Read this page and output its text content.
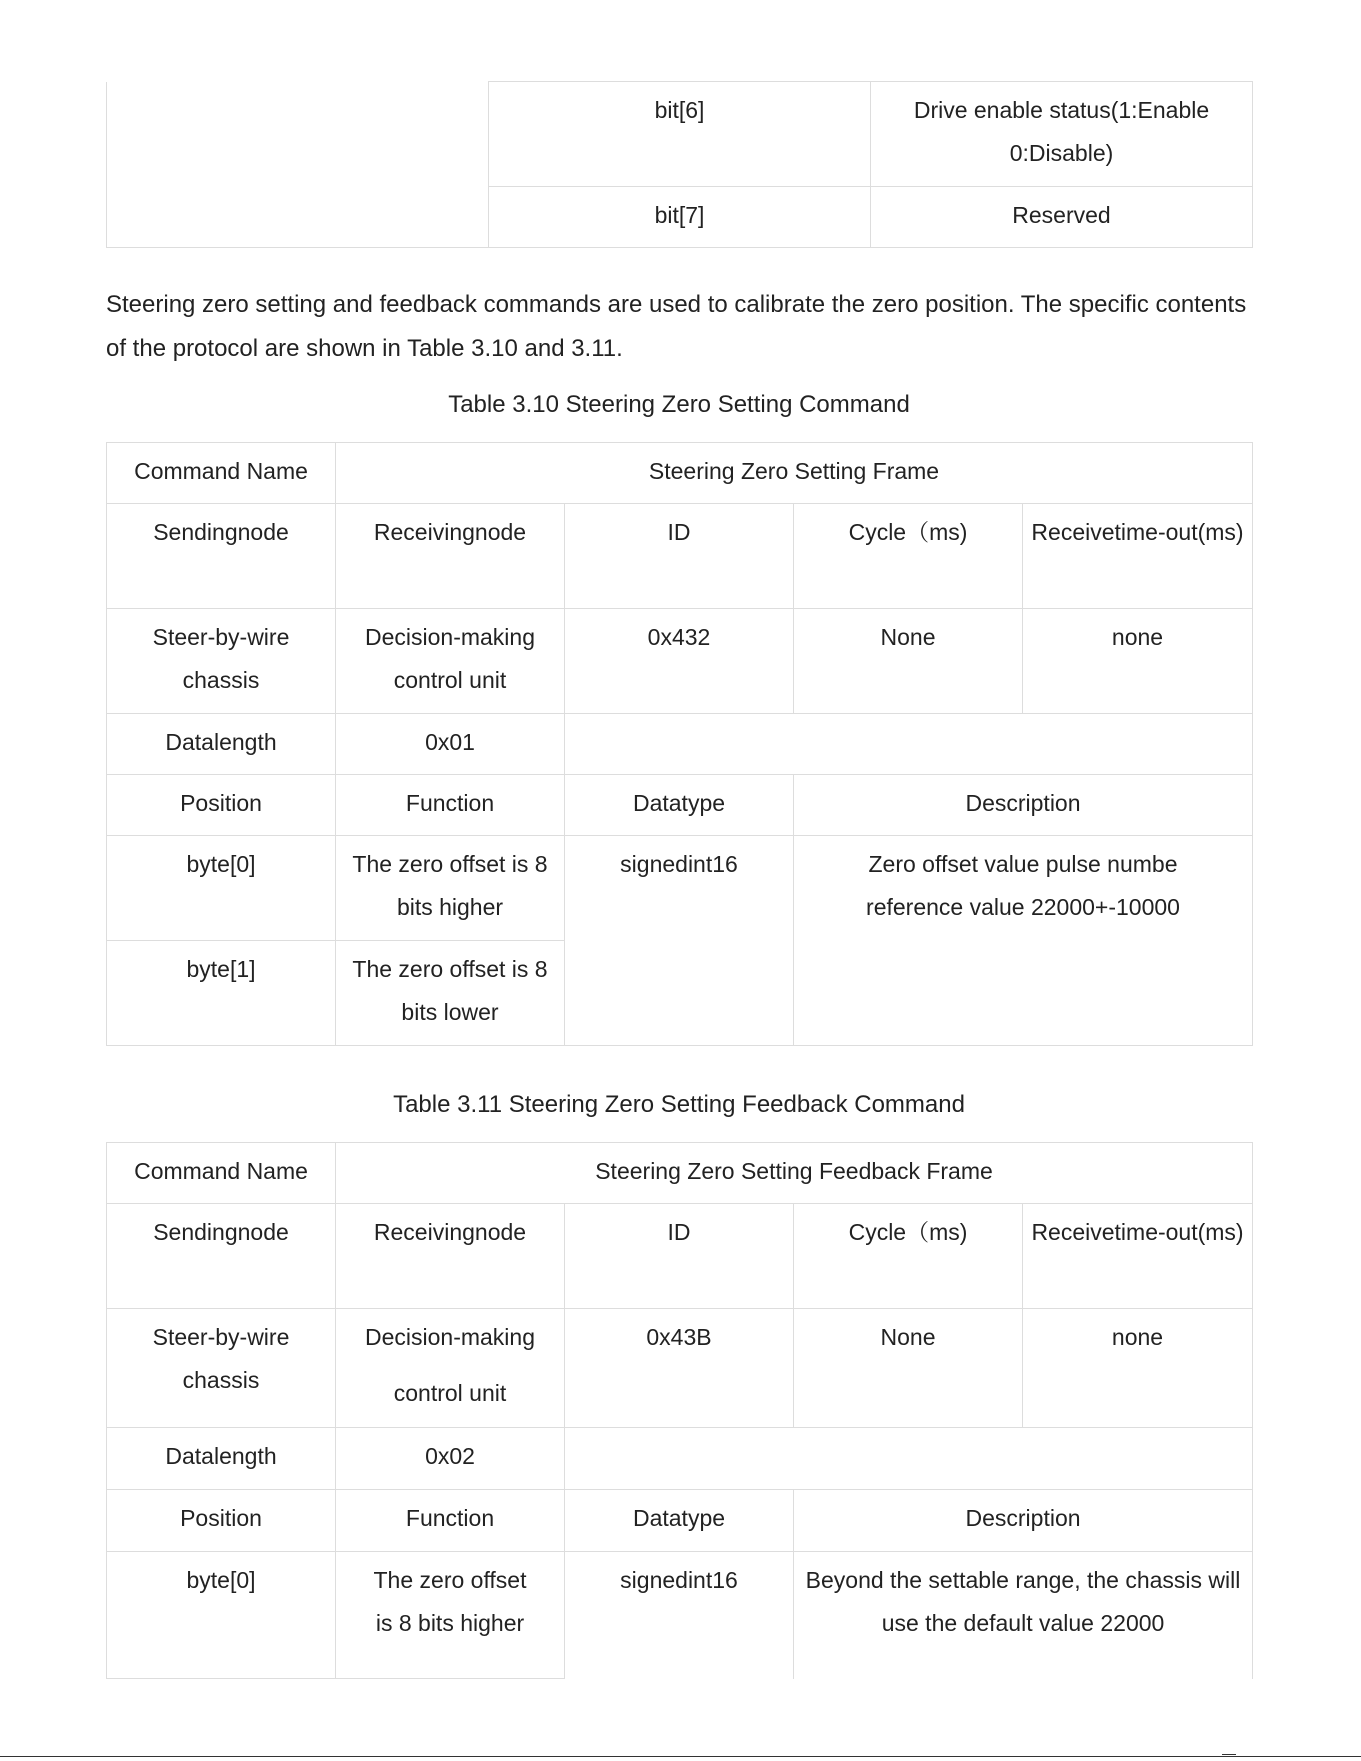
	bit[6]	Drive enable status(1:Enable 0:Disable)
	bit[7]	Reserved

Steering zero setting and feedback commands are used to calibrate the zero position. The specific contents of the protocol are shown in Table 3.10 and 3.11.

Table 3.10 Steering Zero Setting Command

Command Name	Steering Zero Setting Frame			
Sendingnode	Receivingnode	ID	Cycle（ms)	Receivetime-out(ms)
Steer-by-wire chassis	Decision-making control unit	0x432	None	none
Datalength	0x01			
Position	Function	Datatype	Description	
byte[0]	The zero offset is 8 bits higher	signedint16	Zero offset value pulse numbe reference value 22000+-10000	
byte[1]	The zero offset is 8 bits lower			

Table 3.11 Steering Zero Setting Feedback Command

Command Name	Steering Zero Setting Feedback Frame			
Sendingnode	Receivingnode	ID	Cycle（ms)	Receivetime-out(ms)
Steer-by-wire chassis	Decision-making control unit	0x43B	None	none
Datalength	0x02			
Position	Function	Datatype	Description	
byte[0]	The zero offset is 8 bits higher	signedint16	Beyond the settable range, the chassis will use the default value 22000	
